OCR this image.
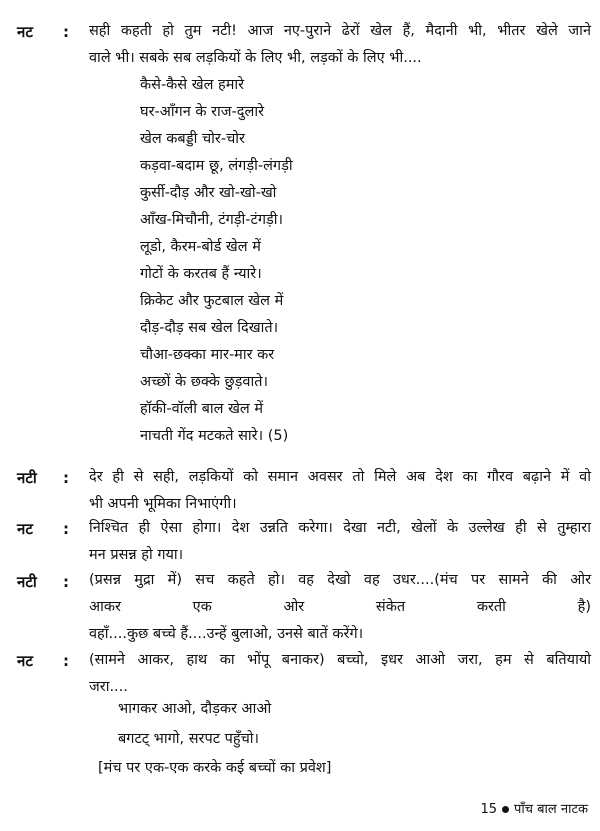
नट : सही कहती हो तुम नटी! आज नए-पुराने ढेरों खेल हैं, मैदानी भी, भीतर खेले जाने
वाले भी। सबके सब लड़कियों के लिए भी, लड़कों के लिए भी....
कैसे-कैसे खेल हमारे
घर-आँगन के राज-दुलारे
खेल कबड्डी चोर-चोर
कड़वा-बदाम छू, लंगड़ी-लंगड़ी
कुर्सी-दौड़ और खो-खो-खो
आँख-मिचौनी, टंगड़ी-टंगड़ी।
लूडो, कैरम-बोर्ड खेल में
गोटों के करतब हैं न्यारे।
क्रिकेट और फुटबाल खेल में
दौड़-दौड़ सब खेल दिखाते।
चौआ-छक्का मार-मार कर
अच्छों के छक्के छुड़वाते।
हॉकी-वॉली बाल खेल में
नाचती गेंद मटकते सारे। (5)
नटी : देर ही से सही, लड़कियों को समान अवसर तो मिले अब देश का गौरव बढ़ाने में वो
भी अपनी भूमिका निभाएंगी।
नट : निश्चित ही ऐसा होगा। देश उन्नति करेगा। देखा नटी, खेलों के उल्लेख ही से तुम्हारा
मन प्रसन्न हो गया।
नटी : (प्रसन्न मुद्रा में) सच कहते हो। वह देखो वह उधर....(मंच पर सामने की ओर
आकर एक ओर संकेत करती है)
वहाँ....कुछ बच्चे हैं....उन्हें बुलाओ, उनसे बातें करेंगे।
नट : (सामने आकर, हाथ का भोंपू बनाकर) बच्चो, इधर आओ जरा, हम से बतियायो
जरा....
भागकर आओ, दौड़कर आओ
बगटट् भागो, सरपट पहुँचो।
[मंच पर एक-एक करके कई बच्चों का प्रवेश]
15 पाँच बाल नाटक
